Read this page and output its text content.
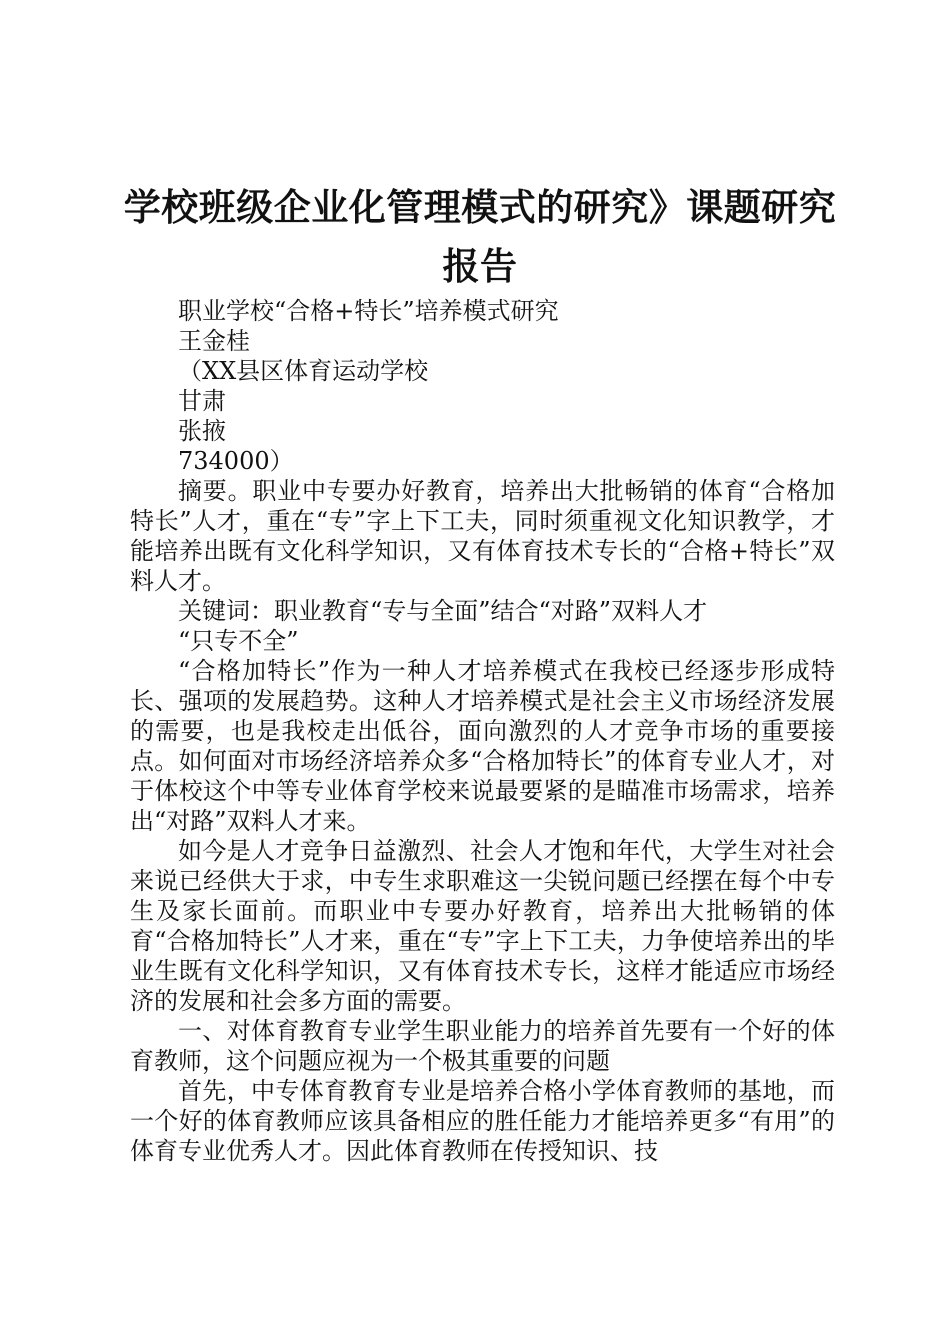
学校班级企业化管理模式的研究》课题研究报告

职业学校“合格+特长”培养模式研究

王金桂

（XX县区体育运动学校

甘肃

张掖

734000）

摘要。职业中专要办好教育，培养出大批畅销的体育“合格加特长”人才，重在“专”字上下工夫，同时须重视文化知识教学，才能培养出既有文化科学知识，又有体育技术专长的“合格+特长”双料人才。

关键词：职业教育“专与全面”结合“对路”双料人才

“只专不全”

“合格加特长”作为一种人才培养模式在我校已经逐步形成特长、强项的发展趋势。这种人才培养模式是社会主义市场经济发展的需要，也是我校走出低谷，面向激烈的人才竞争市场的重要接点。如何面对市场经济培养众多“合格加特长”的体育专业人才，对于体校这个中等专业体育学校来说最要紧的是瞄准市场需求，培养出“对路”双料人才来。

如今是人才竞争日益激烈、社会人才饱和年代，大学生对社会来说已经供大于求，中专生求职难这一尖锐问题已经摆在每个中专生及家长面前。而职业中专要办好教育，培养出大批畅销的体育“合格加特长”人才来，重在“专”字上下工夫，力争使培养出的毕业生既有文化科学知识，又有体育技术专长，这样才能适应市场经济的发展和社会多方面的需要。

一、对体育教育专业学生职业能力的培养首先要有一个好的体育教师，这个问题应视为一个极其重要的问题

首先，中专体育教育专业是培养合格小学体育教师的基地，而一个好的体育教师应该具备相应的胜任能力才能培养更多“有用”的体育专业优秀人才。因此体育教师在传授知识、技
